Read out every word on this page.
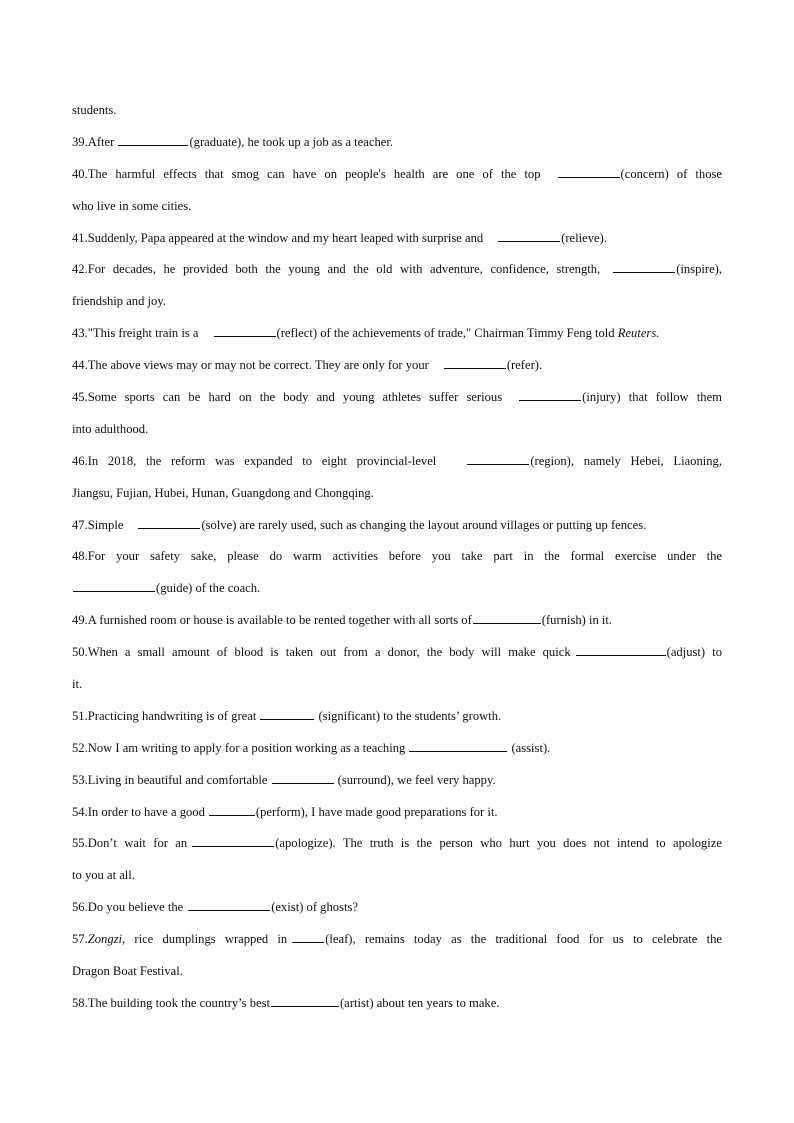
students.
39.After	(graduate), he took up a job as a teacher.
40.The harmful effects that smog can have on people's health are one of the top	(concern) of those
who live in some cities.
41.Suddenly, Papa appeared at the window and my heart leaped with surprise and	(relieve).
42.For decades, he provided both the young and the old with adventure, confidence, strength,	(inspire),
friendship and joy.
43."This freight train is a	(reflect) of the achievements of trade," Chairman Timmy Feng told Reuters.
44.The above views may or may not be correct. They are only for your	(refer).
45.Some sports can be hard on the body and young athletes suffer serious	(injury) that follow them
into adulthood.
46.In 2018, the reform was expanded to eight provincial-level	(region), namely Hebei, Liaoning,
Jiangsu, Fujian, Hubei, Hunan, Guangdong and Chongqing.
47.Simple	(solve) are rarely used, such as changing the layout around villages or putting up fences.
48.For your safety sake, please do warm activities before you take part in the formal exercise under the
(guide) of the coach.
49.A furnished room or house is available to be rented together with all sorts of	(furnish) in it.
50.When a small amount of blood is taken out from a donor, the body will make quick	(adjust) to
it.
51.Practicing handwriting is of great	(significant) to the students’ growth.
52.Now I am writing to apply for a position working as a teaching	(assist).
53.Living in beautiful and comfortable	(surround), we feel very happy.
54.In order to have a good	(perform), I have made good preparations for it.
55.Don’t wait for an	(apologize). The truth is the person who hurt you does not intend to apologize
to you at all.
56.Do you believe the	(exist) of ghosts?
57.Zongzi, rice dumplings wrapped in	(leaf), remains today as the traditional food for us to celebrate the
Dragon Boat Festival.
58.The building took the country’s best	(artist) about ten years to make.
